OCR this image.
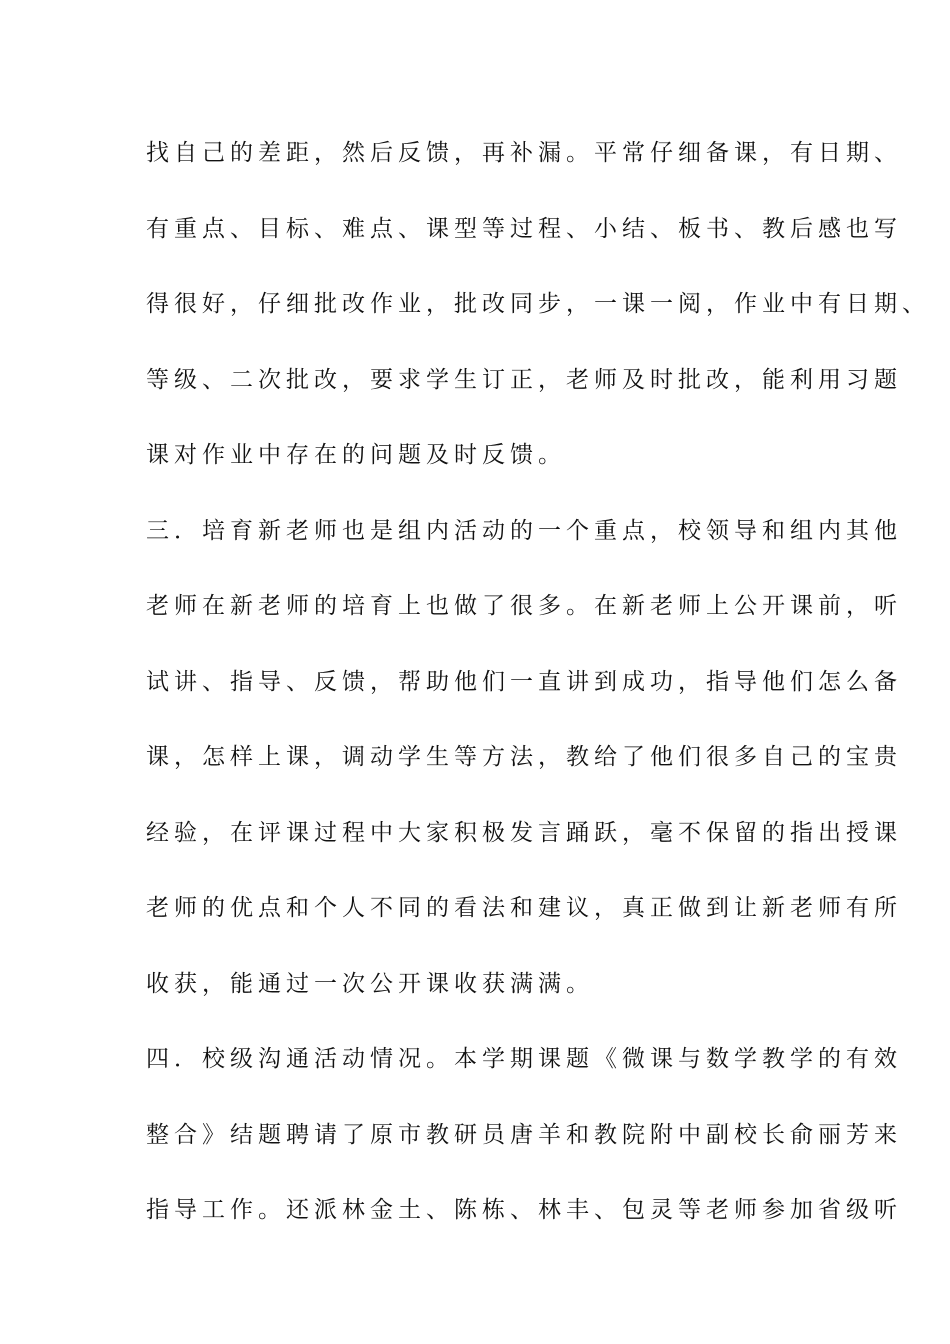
找自己的差距，然后反馈，再补漏。平常仔细备课，有日期、
有重点、目标、难点、课型等过程、小结、板书、教后感也写
得很好，仔细批改作业，批改同步，一课一阅，作业中有日期、
等级、二次批改，要求学生订正，老师及时批改，能利用习题
课对作业中存在的问题及时反馈。
三．培育新老师也是组内活动的一个重点，校领导和组内其他
老师在新老师的培育上也做了很多。在新老师上公开课前，听
试讲、指导、反馈，帮助他们一直讲到成功，指导他们怎么备
课，怎样上课，调动学生等方法，教给了他们很多自己的宝贵
经验，在评课过程中大家积极发言踊跃，毫不保留的指出授课
老师的优点和个人不同的看法和建议，真正做到让新老师有所
收获，能通过一次公开课收获满满。
四．校级沟通活动情况。本学期课题《微课与数学教学的有效
整合》结题聘请了原市教研员唐羊和教院附中副校长俞丽芳来
指导工作。还派林金土、陈栋、林丰、包灵等老师参加省级听
